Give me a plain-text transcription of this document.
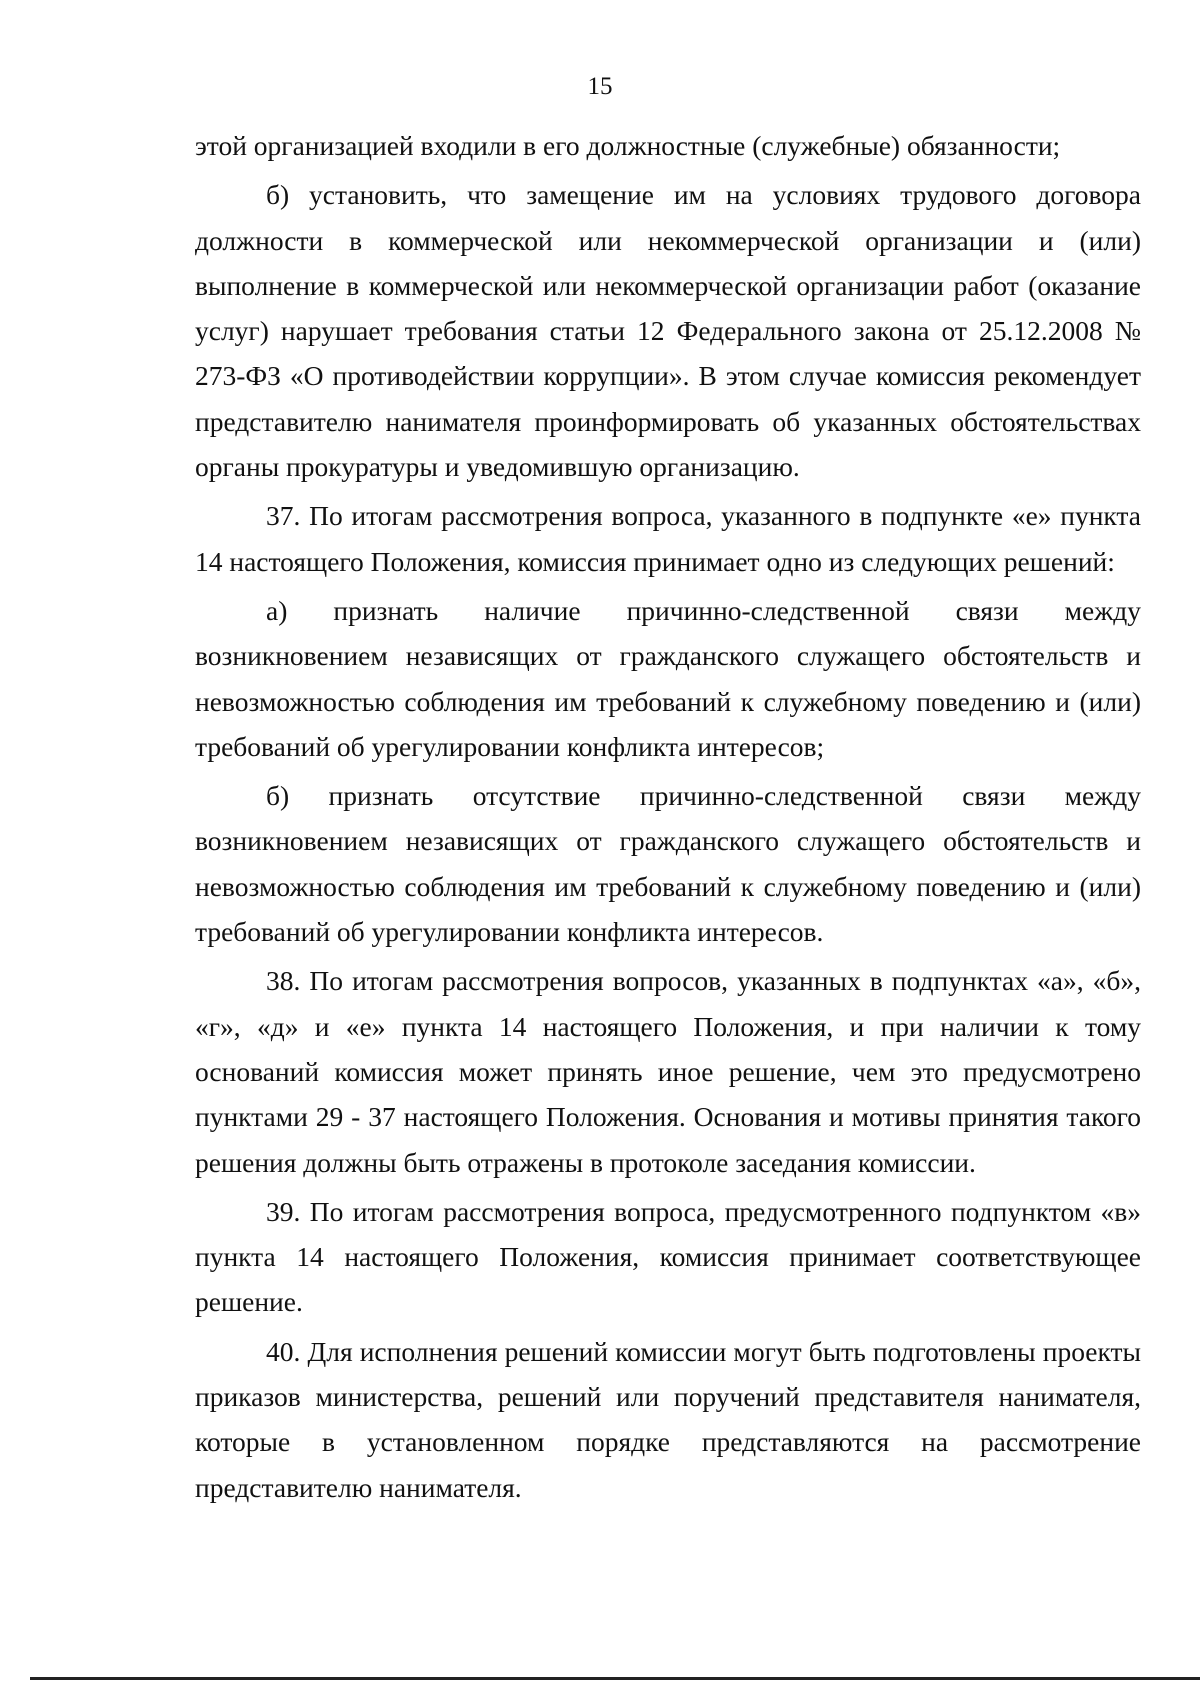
15

этой организацией входили в его должностные (служебные) обязанности;

б) установить, что замещение им на условиях трудового договора должности в коммерческой или некоммерческой организации и (или) выполнение в коммерческой или некоммерческой организации работ (оказание услуг) нарушает требования статьи 12 Федерального закона от 25.12.2008 № 273-ФЗ «О противодействии коррупции». В этом случае комиссия рекомендует представителю нанимателя проинформировать об указанных обстоятельствах органы прокуратуры и уведомившую организацию.

37. По итогам рассмотрения вопроса, указанного в подпункте «е» пункта 14 настоящего Положения, комиссия принимает одно из следующих решений:

а) признать наличие причинно-следственной связи между возникновением независящих от гражданского служащего обстоятельств и невозможностью соблюдения им требований к служебному поведению и (или) требований об урегулировании конфликта интересов;

б) признать отсутствие причинно-следственной связи между возникновением независящих от гражданского служащего обстоятельств и невозможностью соблюдения им требований к служебному поведению и (или) требований об урегулировании конфликта интересов.

38. По итогам рассмотрения вопросов, указанных в подпунктах «а», «б», «г», «д» и «е» пункта 14 настоящего Положения, и при наличии к тому оснований комиссия может принять иное решение, чем это предусмотрено пунктами 29 - 37 настоящего Положения. Основания и мотивы принятия такого решения должны быть отражены в протоколе заседания комиссии.

39. По итогам рассмотрения вопроса, предусмотренного подпунктом «в» пункта 14 настоящего Положения, комиссия принимает соответствующее решение.

40. Для исполнения решений комиссии могут быть подготовлены проекты приказов министерства, решений или поручений представителя нанимателя, которые в установленном порядке представляются на рассмотрение представителю нанимателя.
